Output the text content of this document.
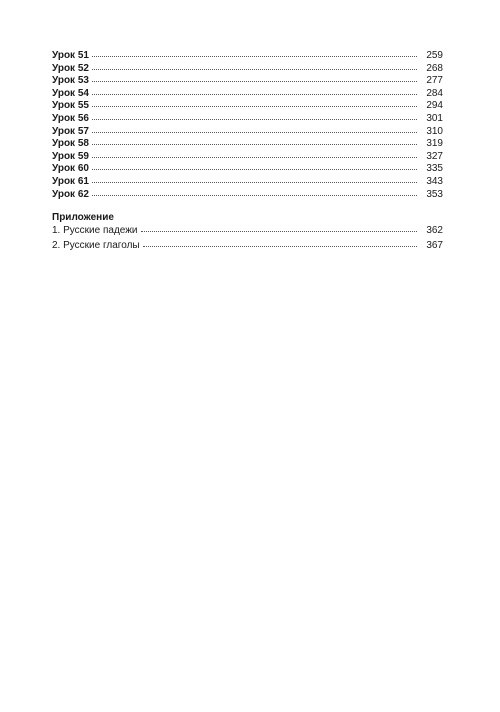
Урок 51	259
Урок 52	268
Урок 53	277
Урок 54	284
Урок 55	294
Урок 56	301
Урок 57	310
Урок 58	319
Урок 59	327
Урок 60	335
Урок 61	343
Урок 62	353
Приложение
1. Русские падежи	362
2. Русские глаголы	367
